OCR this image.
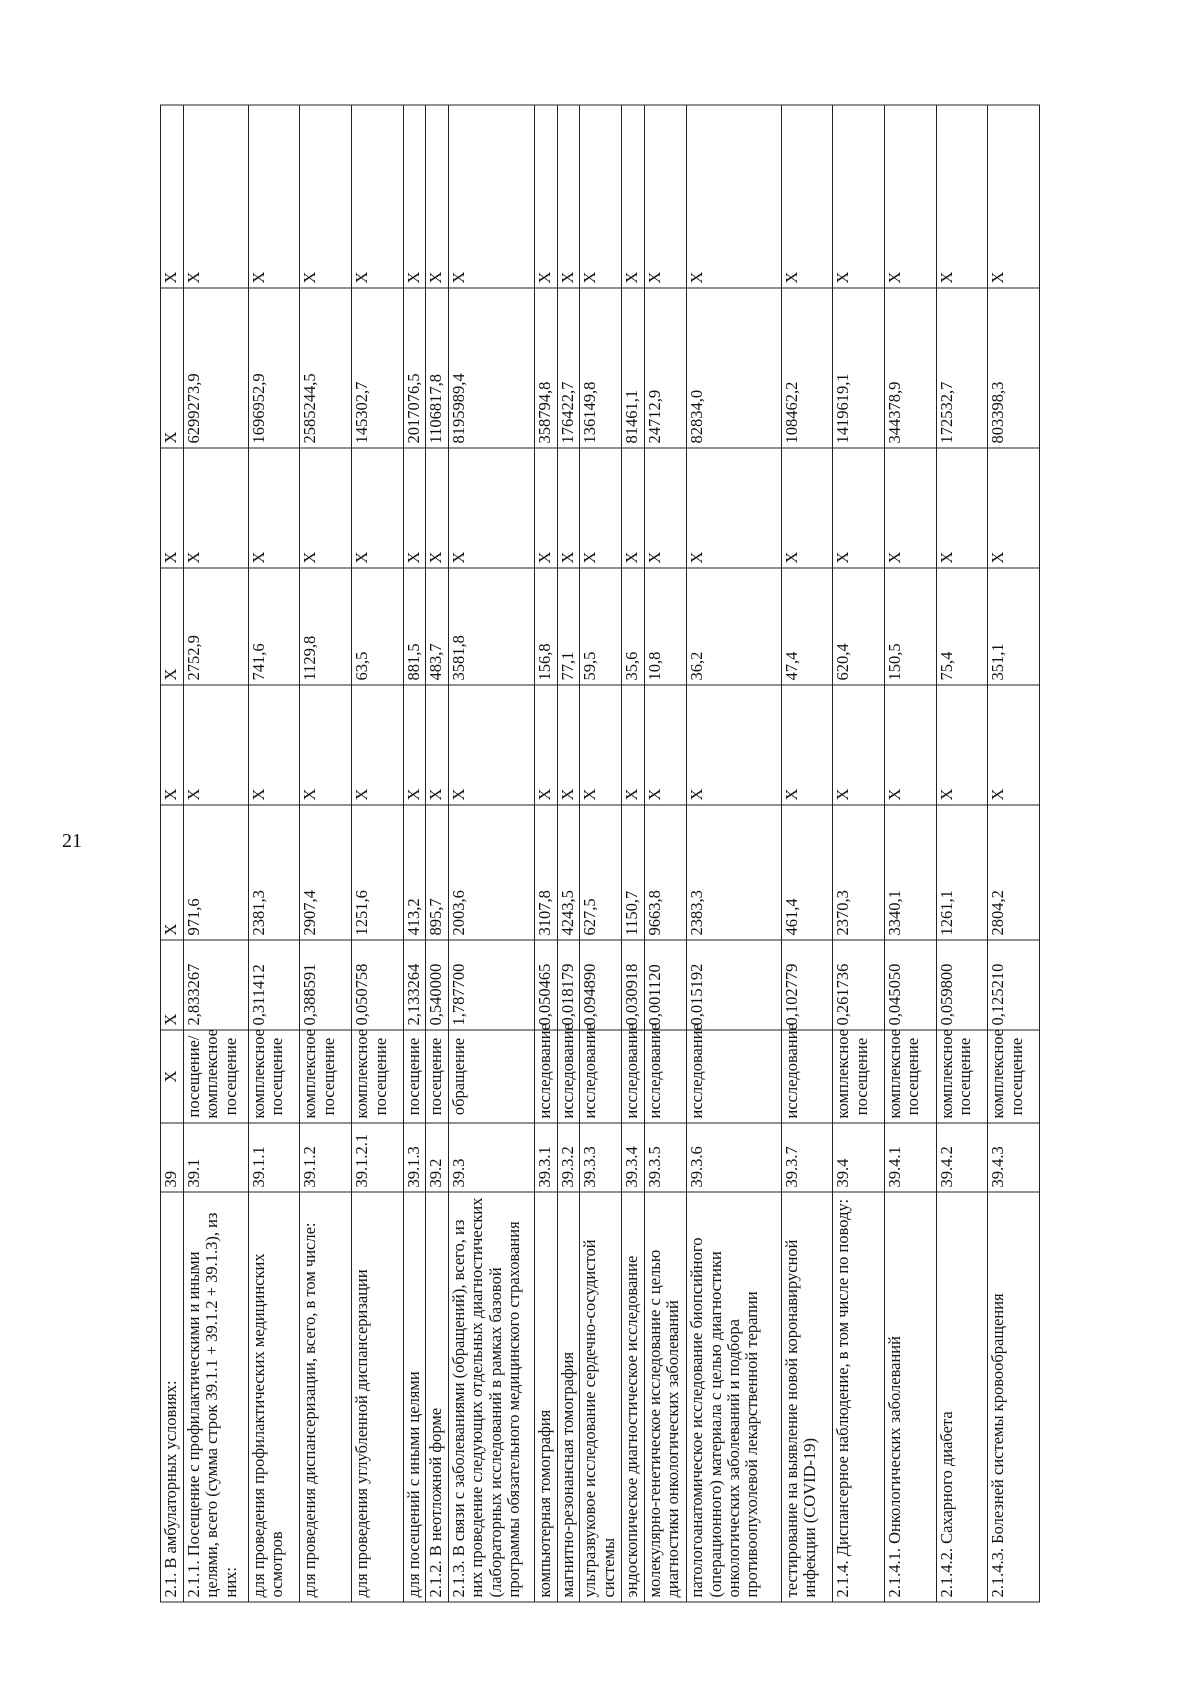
21
2.1. В амбулаторных условиях:	39	Х	Х	Х	Х	Х	Х	Х	Х
2.1.1. Посещение с профилактическими и иными целями, всего (сумма строк 39.1.1 + 39.1.2 + 39.1.3), из них:	39.1	посещение/ комплексное посещение	2,833267	971,6	Х	2752,9	Х	6299273,9	Х
для проведения профилактических медицинских осмотров	39.1.1	комплексное посещение	0,311412	2381,3	Х	741,6	Х	1696952,9	Х
для проведения диспансеризации, всего, в том числе:	39.1.2	комплексное посещение	0,388591	2907,4	Х	1129,8	Х	2585244,5	Х
для проведения углубленной диспансеризации	39.1.2.1	комплексное посещение	0,050758	1251,6	Х	63,5	Х	145302,7	Х
для посещений с иными целями	39.1.3	посещение	2,133264	413,2	Х	881,5	Х	2017076,5	Х
2.1.2. В неотложной форме	39.2	посещение	0,540000	895,7	Х	483,7	Х	1106817,8	Х
2.1.3. В связи с заболеваниями (обращений), всего, из них проведение следующих отдельных диагностических (лабораторных исследований в рамках базовой программы обязательного медицинского страхования	39.3	обращение	1,787700	2003,6	Х	3581,8	Х	8195989,4	Х
компьютерная томография	39.3.1	исследование	0,050465	3107,8	Х	156,8	Х	358794,8	Х
магнитно-резонансная томография	39.3.2	исследование	0,018179	4243,5	Х	77,1	Х	176422,7	Х
ультразвуковое исследование сердечно-сосудистой системы	39.3.3	исследование	0,094890	627,5	Х	59,5	Х	136149,8	Х
эндоскопическое диагностическое исследование	39.3.4	исследование	0,030918	1150,7	Х	35,6	Х	81461,1	Х
молекулярно-генетическое исследование с целью диагностики онкологических заболеваний	39.3.5	исследование	0,001120	9663,8	Х	10,8	Х	24712,9	Х
патологоанатомическое исследование биопсийного (операционного) материала с целью диагностики онкологических заболеваний и подбора противоопухолевой лекарственной терапии	39.3.6	исследование	0,015192	2383,3	Х	36,2	Х	82834,0	Х
тестирование на выявление новой коронавирусной инфекции (COVID-19)	39.3.7	исследование	0,102779	461,4	Х	47,4	Х	108462,2	Х
2.1.4. Диспансерное наблюдение, в том числе по поводу:	39.4	комплексное посещение	0,261736	2370,3	Х	620,4	Х	1419619,1	Х
2.1.4.1. Онкологических заболеваний	39.4.1	комплексное посещение	0,045050	3340,1	Х	150,5	Х	344378,9	Х
2.1.4.2. Сахарного диабета	39.4.2	комплексное посещение	0,059800	1261,1	Х	75,4	Х	172532,7	Х
2.1.4.3. Болезней системы кровообращения	39.4.3	комплексное посещение	0,125210	2804,2	Х	351,1	Х	803398,3	Х
